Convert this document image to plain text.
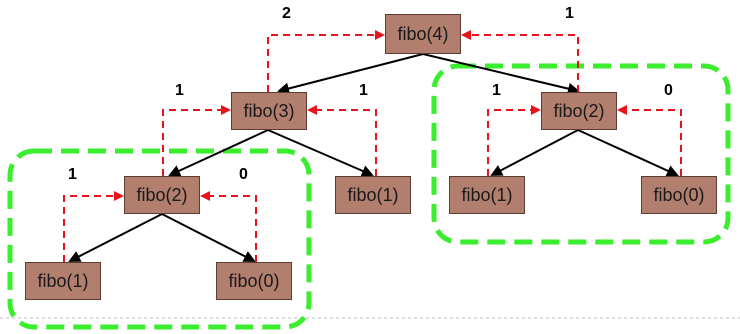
fibo(4)
fibo(3)	fibo(2)
fibo(2)	fibo(1)	fibo(1)	fibo(0)
fibo(1)	fibo(0)
2	1
1	1	1	0
1	0
